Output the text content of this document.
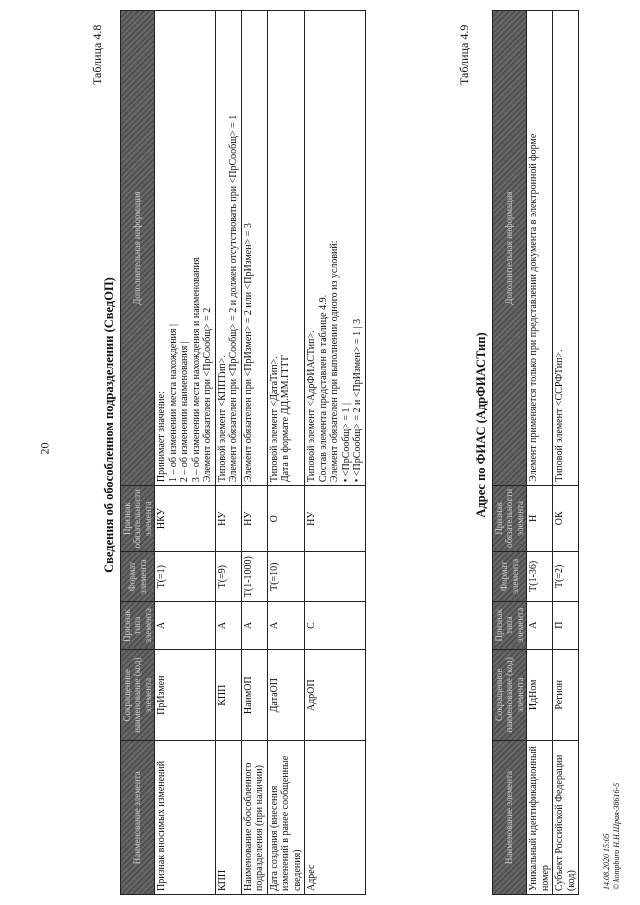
20
Таблица 4.8
Сведения об обособленном подразделении (СведОП)
Наименование элемента	Сокращенное наименование (код) элемента	Признак типа элемента	Формат элемента	Признак обязательности элемента	Дополнительная информация
Признак вносимых изменений	ПрИзмен	А	Т(=1)	НКУ	Принимает значение: 1 – об изменении места нахождения | 2 – об изменении наименования | 3 – об изменении места нахождения и наименования Элемент обязателен при <ПрСообщ> = 2

КПП	КПП	А	Т(=9)	НУ	Типовой элемент <КППТип>. Элемент обязателен при <ПрСообщ> = 2 и должен отсутствовать при <ПрСообщ> = 1

Наименование обособленного подразделения (при наличии)	НаимОП	А	Т(1-1000)	НУ	Элемент обязателен при <ПрИзмен> = 2 или <ПрИзмен> = 3

Дата создания (внесения изменений в ранее сообщенные сведения)	ДатаОП	А	Т(=10)	О	Типовой элемент <ДатаТип>. Дата в формате ДД.ММ.ГГГГ

Адрес	АдрОП	С		НУ	Типовой элемент <АдрФИАСТип>. Состав элемента представлен в таблице 4.9. Элемент обязателен при выполнении одного из условий: • <ПрСообщ> = 1 | • <ПрСообщ> = 2 и <ПрИзмен> = 1 | 3
Таблица 4.9
Адрес по ФИАС (АдрФИАСТип)
Наименование элемента	Сокращенное наименование (код) элемента	Признак типа элемента	Формат элемента	Признак обязательности элемента	Дополнительная информация
Уникальный идентификационный номер	ИдНом	А	Т(1-36)	Н	Элемент применяется только при представлении документа в электронной форме

Субъект Российской Федерации (код)	Регион	П	Т(=2)	ОК	Типовой элемент <ССРФТип>.
14.08.2020 15:05 © kompburo Н.Н.Шрая-38616-5
